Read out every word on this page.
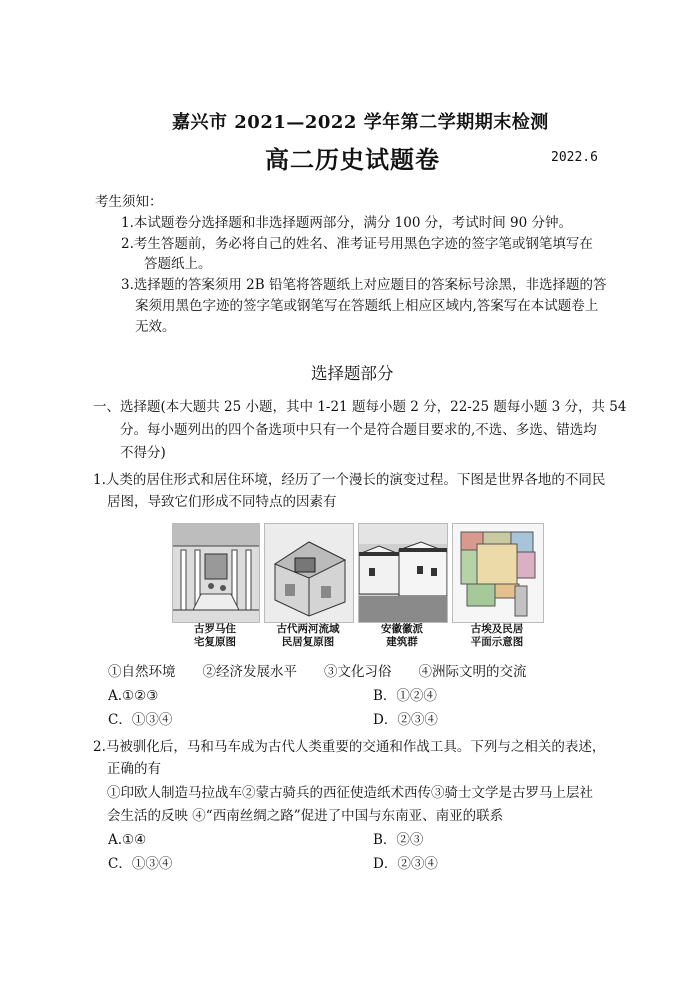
嘉兴市 2021—2022 学年第二学期期末检测
高二历史试题卷	2022.6
考生须知：
1.本试题卷分选择题和非选择题两部分，满分 100 分，考试时间 90 分钟。
2.考生答题前，务必将自己的姓名、准考证号用黑色字迹的签字笔或钢笔填写在
答题纸上。
3.选择题的答案须用 2B 铅笔将答题纸上对应题目的答案标号涂黑，非选择题的答
案须用黑色字迹的签字笔或钢笔写在答题纸上相应区域内,答案写在本试题卷上
无效。
选择题部分
一、选择题(本大题共 25 小题，其中 1-21 题每小题 2 分，22-25 题每小题 3 分，共 54
分。每小题列出的四个备选项中只有一个是符合题目要求的,不选、多选、错选均
不得分)
1.人类的居住形式和居住环境，经历了一个漫长的演变过程。下图是世界各地的不同民
居图，导致它们形成不同特点的因素有
古罗马住
宅复原图
古代两河流域
民居复原图
安徽徽派
建筑群
古埃及民居
平面示意图
①自然环境　　②经济发展水平　　③文化习俗　　④洲际文明的交流
A.①②③	B．①②④
C．①③④	D．②③④
2.马被驯化后，马和马车成为古代人类重要的交通和作战工具。下列与之相关的表述，
正确的有
①印欧人制造马拉战车②蒙古骑兵的西征使造纸术西传③骑士文学是古罗马上层社
会生活的反映 ④“西南丝绸之路”促进了中国与东南亚、南亚的联系
A.①④	B．②③
C．①③④	D．②③④
